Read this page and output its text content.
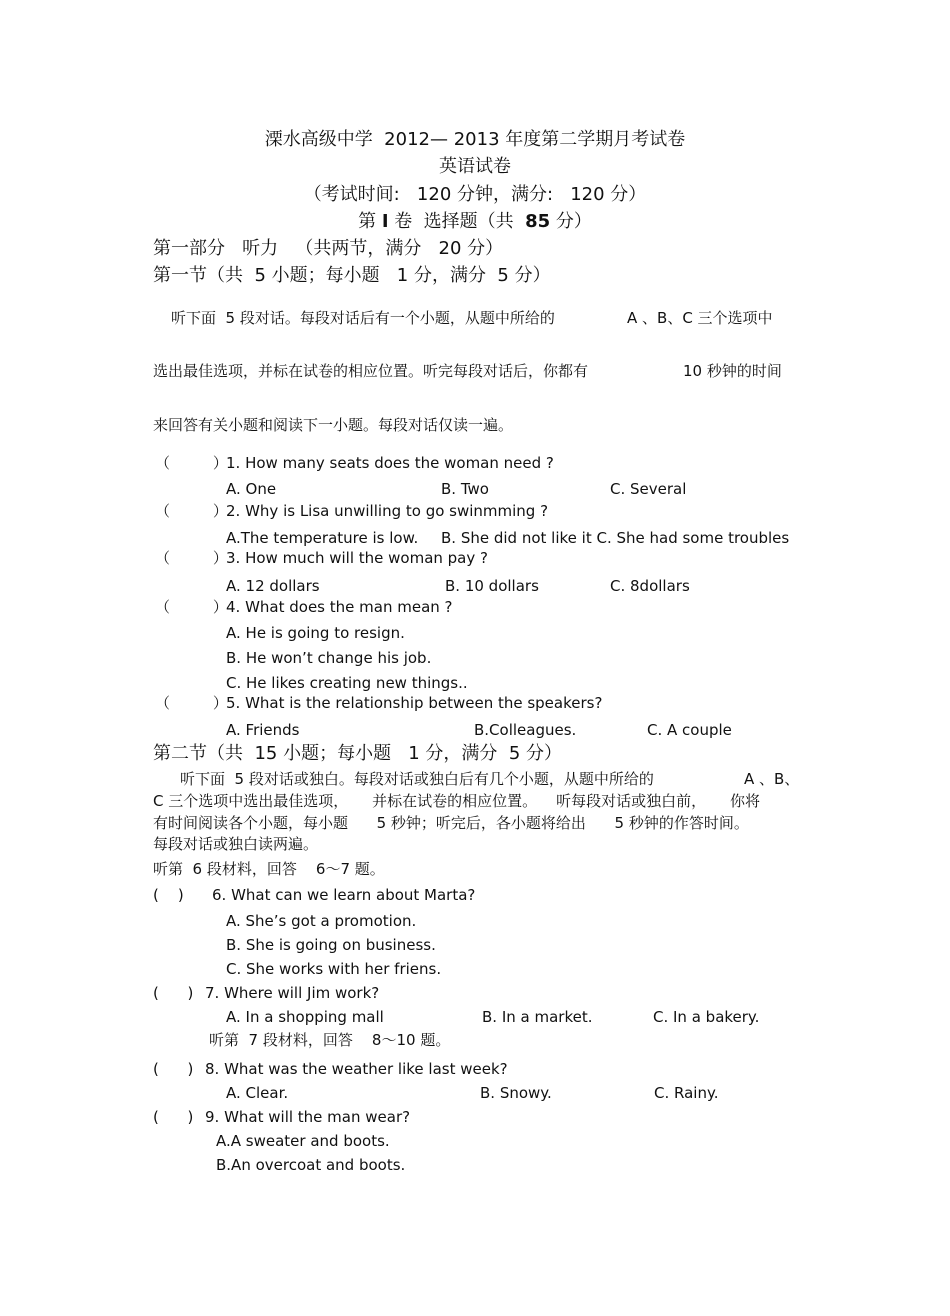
溧水高级中学  2012— 2013 年度第二学期月考试卷
英语试卷
（考试时间:   120 分钟，满分:   120 分）
第 I 卷  选择题（共  85 分）
第一部分   听力   （共两节，满分   20 分）
第一节（共  5 小题；每小题   1 分，满分  5 分）
听下面  5 段对话。每段对话后有一个小题，从题中所给的	A 、B、C 三个选项中
选出最佳选项，并标在试卷的相应位置。听完每段对话后，你都有	10 秒钟的时间
来回答有关小题和阅读下一小题。每段对话仅读一遍。
（         ）
1. How many seats does the woman need ?
A. One	B. Two	C. Several
（         ）
2. Why is Lisa unwilling to go swinmming ?
A.The temperature is low. B. She did not like it C. She had some troubles
（         ）
3. How much will the woman pay ?
A. 12 dollars	B. 10 dollars	C. 8dollars
（         ）
4. What does the man mean ?
A. He is going to resign.
B. He won’t change his job.
C. He likes creating new things..
（         ）
5. What is the relationship between the speakers?
A. Friends	B.Colleagues.	C. A couple
第二节（共  15 小题；每小题   1 分，满分  5 分）
听下面  5 段对话或独白。每段对话或独白后有几个小题，从题中所给的	A 、B、
C 三个选项中选出最佳选项，     并标在试卷的相应位置。    听每段对话或独白前，     你将
有时间阅读各个小题，每小题      5 秒钟；听完后，各小题将给出      5 秒钟的作答时间。
每段对话或独白读两遍。
听第  6 段材料，回答    6～7 题。
(    ) 6. What can we learn about Marta?
A. She’s got a promotion.
B. She is going on business.
C. She works with her friens.
(      ) 7. Where will Jim work?
A. In a shopping mall	B. In a market.	C. In a bakery.
听第  7 段材料，回答    8～10 题。
(      ) 8. What was the weather like last week?
A. Clear.	B. Snowy.	C. Rainy.
(      ) 9. What will the man wear?
A.A sweater and boots.
B.An overcoat and boots.
